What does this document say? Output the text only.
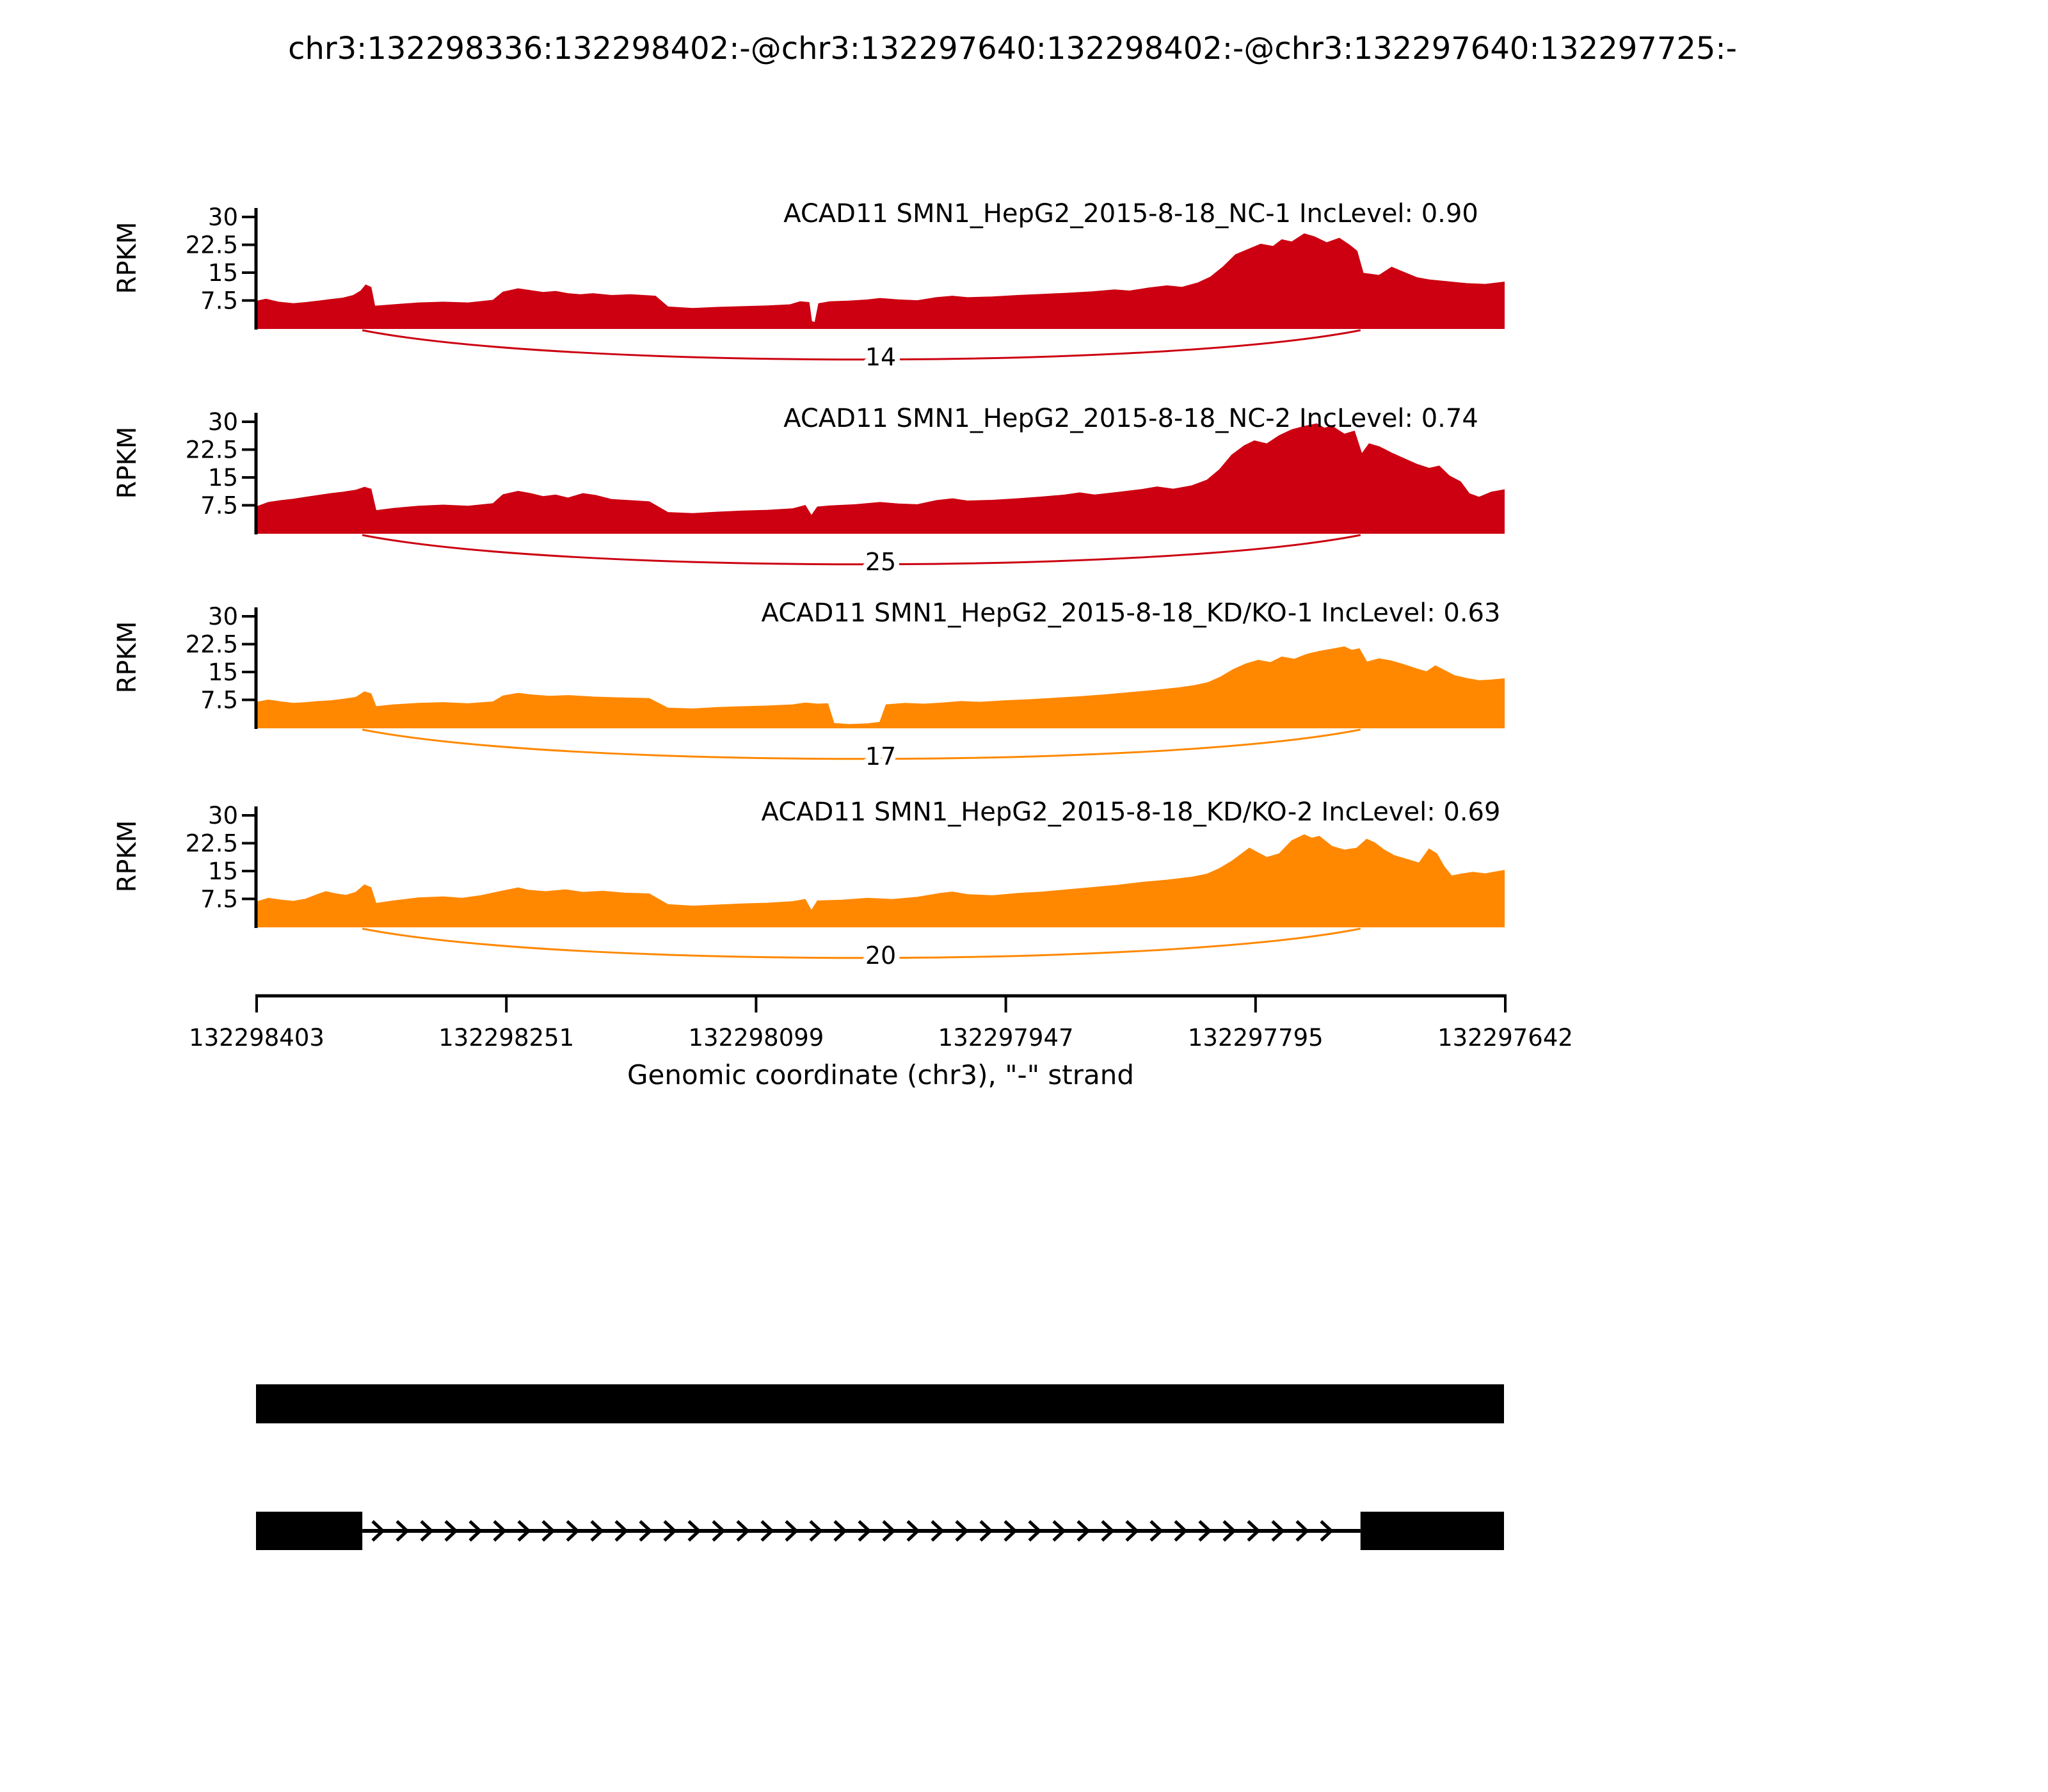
chr3:132298336:132298402:-@chr3:132297640:132298402:-@chr3:132297640:132297725:-
Genomic coordinate (chr3), "-" strand
14
30
22.5
15
7.5
RPKM
ACAD11 SMN1_HepG2_2015-8-18_NC-1 IncLevel: 0.90
25
30
22.5
15
7.5
RPKM
ACAD11 SMN1_HepG2_2015-8-18_NC-2 IncLevel: 0.74
17
30
22.5
15
7.5
RPKM
ACAD11 SMN1_HepG2_2015-8-18_KD/KO-1 IncLevel: 0.63
20
30
22.5
15
7.5
RPKM
ACAD11 SMN1_HepG2_2015-8-18_KD/KO-2 IncLevel: 0.69
132298403	132298251	132298099	132297947	132297795	132297642
